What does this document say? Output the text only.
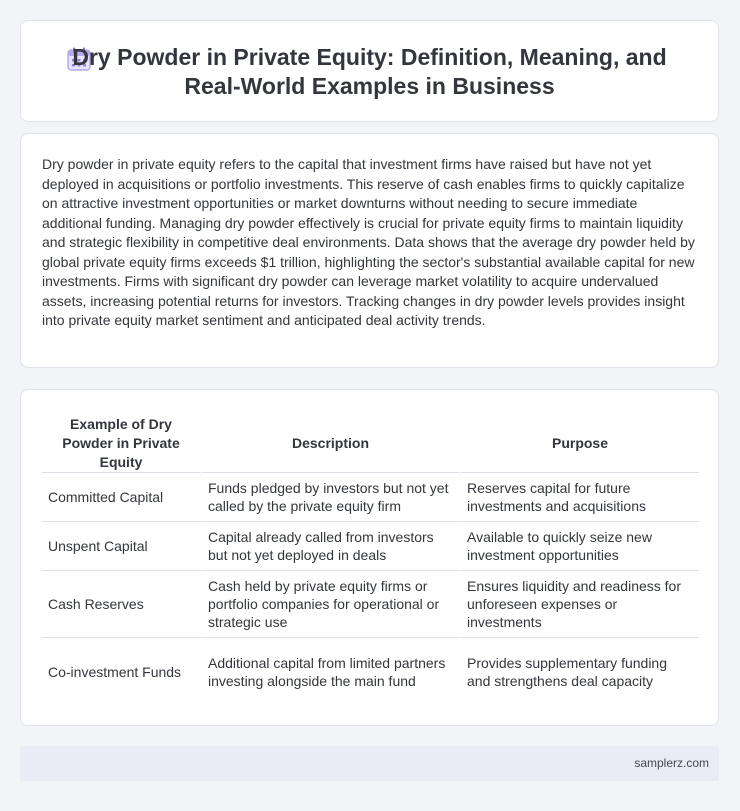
Dry Powder in Private Equity: Definition, Meaning, and Real-World Examples in Business

Dry powder in private equity refers to the capital that investment firms have raised but have not yet deployed in acquisitions or portfolio investments. This reserve of cash enables firms to quickly capitalize on attractive investment opportunities or market downturns without needing to secure immediate additional funding. Managing dry powder effectively is crucial for private equity firms to maintain liquidity and strategic flexibility in competitive deal environments. Data shows that the average dry powder held by global private equity firms exceeds $1 trillion, highlighting the sector's substantial available capital for new investments. Firms with significant dry powder can leverage market volatility to acquire undervalued assets, increasing potential returns for investors. Tracking changes in dry powder levels provides insight into private equity market sentiment and anticipated deal activity trends.

Example of Dry Powder in Private Equity	Description	Purpose
Committed Capital	Funds pledged by investors but not yet called by the private equity firm	Reserves capital for future investments and acquisitions
Unspent Capital	Capital already called from investors but not yet deployed in deals	Available to quickly seize new investment opportunities
Cash Reserves	Cash held by private equity firms or portfolio companies for operational or strategic use	Ensures liquidity and readiness for unforeseen expenses or investments
Co-investment Funds	Additional capital from limited partners investing alongside the main fund	Provides supplementary funding and strengthens deal capacity
samplerz.com
